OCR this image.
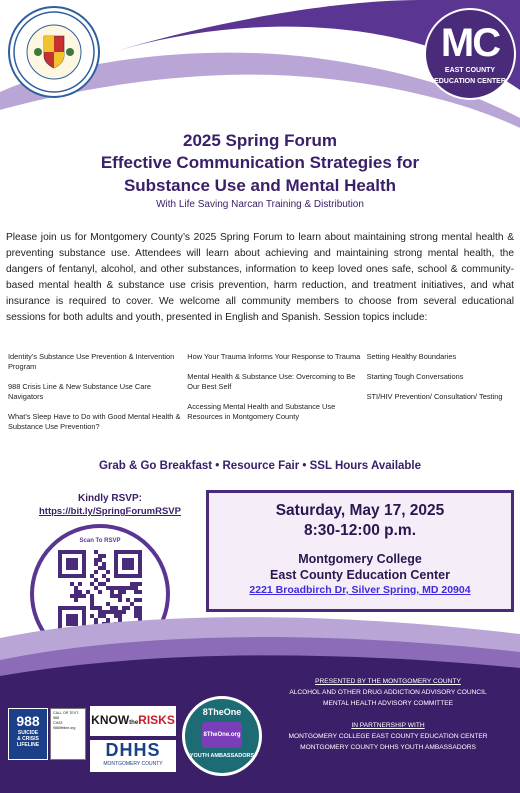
MC
EAST COUNTY
EDUCATION CENTER
2025 Spring Forum
Effective Communication Strategies for
Substance Use and Mental Health
With Life Saving Narcan Training & Distribution
Please join us for Montgomery County’s 2025 Spring Forum to learn about maintaining strong mental health & preventing substance use. Attendees will learn about achieving and maintaining strong mental health, the dangers of fentanyl, alcohol, and other substances, information to keep loved ones safe, school & community-based mental health & substance use crisis prevention, harm reduction, and treatment initiatives, and what insurance is required to cover. We welcome all community members to choose from several educational sessions for both adults and youth, presented in English and Spanish. Session topics include:
Identity’s Substance Use Prevention & Intervention Program
988 Crisis Line & New Substance Use Care Navigators
What’s Sleep Have to Do with Good Mental Health & Substance Use Prevention?
How Your Trauma Informs Your Response to Trauma
Mental Health & Substance Use: Overcoming to Be Our Best Self
Accessing Mental Health and Substance Use Resources in Montgomery County
Setting Healthy Boundaries
Starting Tough Conversations
STI/HIV Prevention/ Consultation/ Testing
Grab & Go Breakfast • Resource Fair • SSL Hours Available
Kindly RSVP:
https://bit.ly/SpringForumRSVP
Scan To RSVP
Saturday, May 17, 2025
8:30-12:00 p.m.
Montgomery College
East County Education Center
2221 Broadbirch Dr, Silver Spring, MD 20904
PRESENTED BY THE MONTGOMERY COUNTY
ALCOHOL AND OTHER DRUG ADDICTION ADVISORY COUNCIL
MENTAL HEALTH ADVISORY COMMITTEE
IN PARTNERSHIP WITH
MONTGOMERY COLLEGE EAST COUNTY EDUCATION CENTER
MONTGOMERY COUNTY DHHS YOUTH AMBASSADORS
988
SUICIDE
& CRISIS
LIFELINE
CALL OR TEXT: 988
CHAT: 988lifeline.org
KNOWtheRISKS
DHHS
MONTGOMERY COUNTY
8TheOne
8TheOne.org
YOUTH AMBASSADORS
